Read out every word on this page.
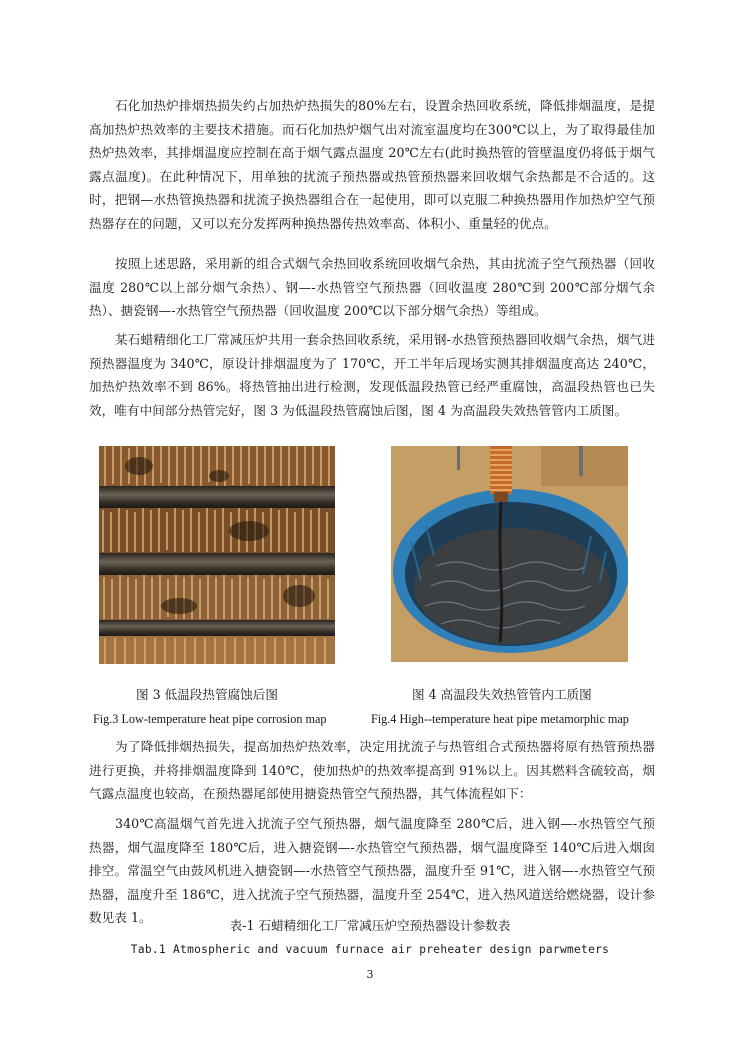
石化加热炉排烟热损失约占加热炉热损失的80%左右，设置余热回收系统，降低排烟温度，是提高加热炉热效率的主要技术措施。而石化加热炉烟气出对流室温度均在300℃以上，为了取得最佳加热炉热效率，其排烟温度应控制在高于烟气露点温度 20℃左右(此时换热管的管壁温度仍将低于烟气露点温度)。在此种情况下，用单独的扰流子预热器或热管预热器来回收烟气余热都是不合适的。这时，把钢—水热管换热器和扰流子换热器组合在一起使用，即可以克服二种换热器用作加热炉空气预热器存在的问题，又可以充分发挥两种换热器传热效率高、体积小、重量轻的优点。

按照上述思路，采用新的组合式烟气余热回收系统回收烟气余热，其由扰流子空气预热器（回收温度 280℃以上部分烟气余热）、钢—-水热管空气预热器（回收温度 280℃到 200℃部分烟气余热）、搪瓷钢—-水热管空气预热器（回收温度 200℃以下部分烟气余热）等组成。

某石蜡精细化工厂常减压炉共用一套余热回收系统，采用钢-水热管预热器回收烟气余热，烟气进预热器温度为 340℃，原设计排烟温度为了 170℃，开工半年后现场实测其排烟温度高达 240℃，加热炉热效率不到 86%。将热管抽出进行检测，发现低温段热管已经严重腐蚀，高温段热管也已失效，唯有中间部分热管完好，图 3 为低温段热管腐蚀后图，图 4 为高温段失效热管管内工质图。

图 3 低温段热管腐蚀后图	图 4 高温段失效热管管内工质图
Fig.3 Low-temperature heat pipe corrosion map	Fig.4 High--temperature heat pipe metamorphic map

为了降低排烟热损失，提高加热炉热效率，决定用扰流子与热管组合式预热器将原有热管预热器进行更换，并将排烟温度降到 140℃，使加热炉的热效率提高到 91%以上。因其燃料含硫较高，烟气露点温度也较高，在预热器尾部使用搪瓷热管空气预热器，其气体流程如下：

340℃高温烟气首先进入扰流子空气预热器，烟气温度降至 280℃后，进入钢—-水热管空气预热器，烟气温度降至 180℃后，进入搪瓷钢—-水热管空气预热器，烟气温度降至 140℃后进入烟囱排空。常温空气由鼓风机进入搪瓷钢—-水热管空气预热器，温度升至 91℃，进入钢—-水热管空气预热器，温度升至 186℃，进入扰流子空气预热器，温度升至 254℃，进入热风道送给燃烧器，设计参数见表 1。

表-1 石蜡精细化工厂常减压炉空预热器设计参数表
Tab.1 Atmospheric and vacuum furnace air preheater design parwmeters
3
